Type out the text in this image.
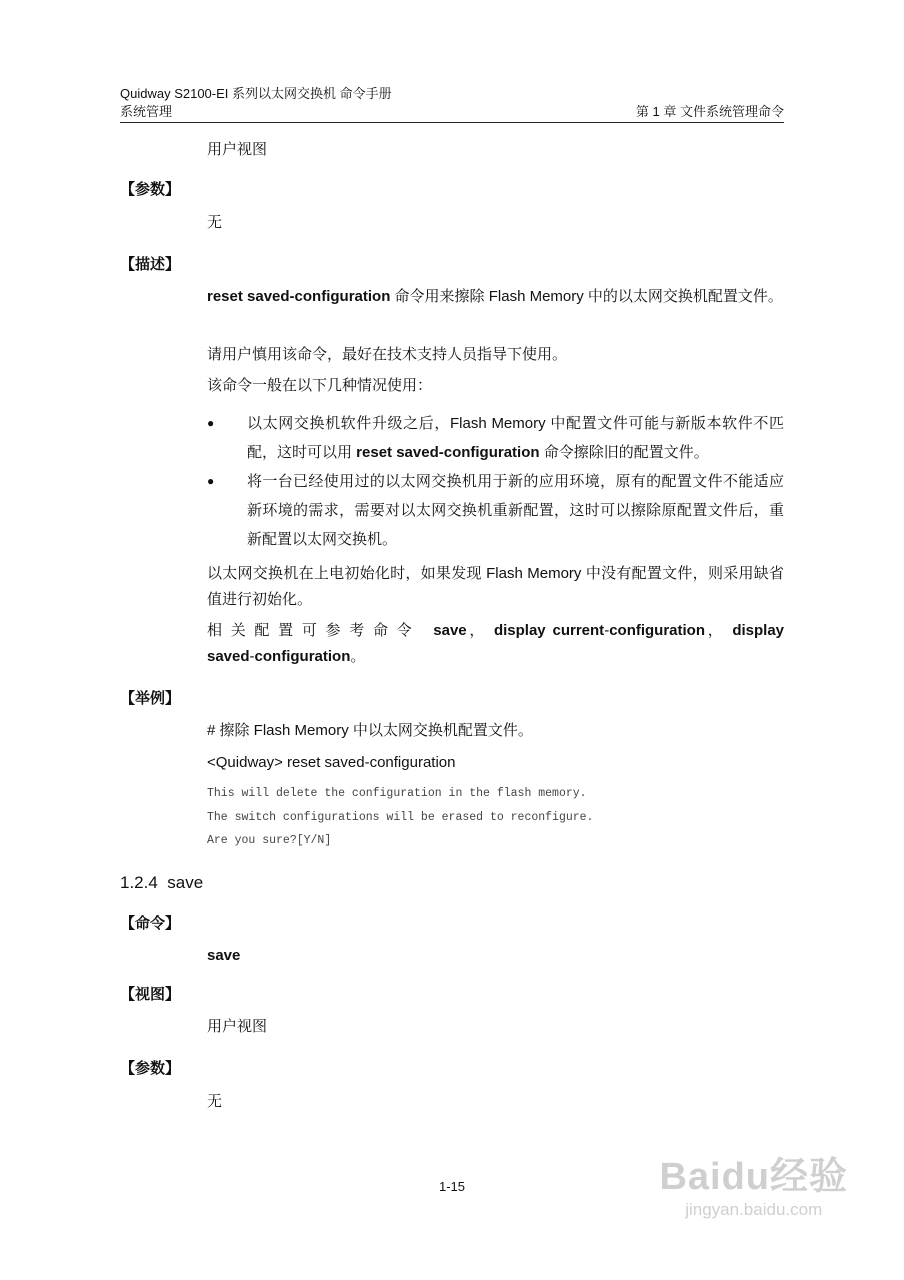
Quidway S2100-EI 系列以太网交换机 命令手册
系统管理	第 1 章 文件系统管理命令
用户视图
【参数】
无
【描述】
reset saved-configuration 命令用来擦除 Flash Memory 中的以太网交换机配置文件。
请用户慎用该命令，最好在技术支持人员指导下使用。
该命令一般在以下几种情况使用：
● 以太网交换机软件升级之后，Flash Memory 中配置文件可能与新版本软件不匹配，这时可以用 reset saved-configuration 命令擦除旧的配置文件。
● 将一台已经使用过的以太网交换机用于新的应用环境，原有的配置文件不能适应新环境的需求，需要对以太网交换机重新配置，这时可以擦除原配置文件后，重新配置以太网交换机。
以太网交换机在上电初始化时，如果发现 Flash Memory 中没有配置文件，则采用缺省值进行初始化。
相关配置可参考命令 save， display current-configuration， display saved-configuration。
【举例】
# 擦除 Flash Memory 中以太网交换机配置文件。
<Quidway> reset saved-configuration
This will delete the configuration in the flash memory.
The switch configurations will be erased to reconfigure.
Are you sure?[Y/N]
1.2.4 save
【命令】
save
【视图】
用户视图
【参数】
无
1-15	Baidu经验
jingyan.baidu.com
